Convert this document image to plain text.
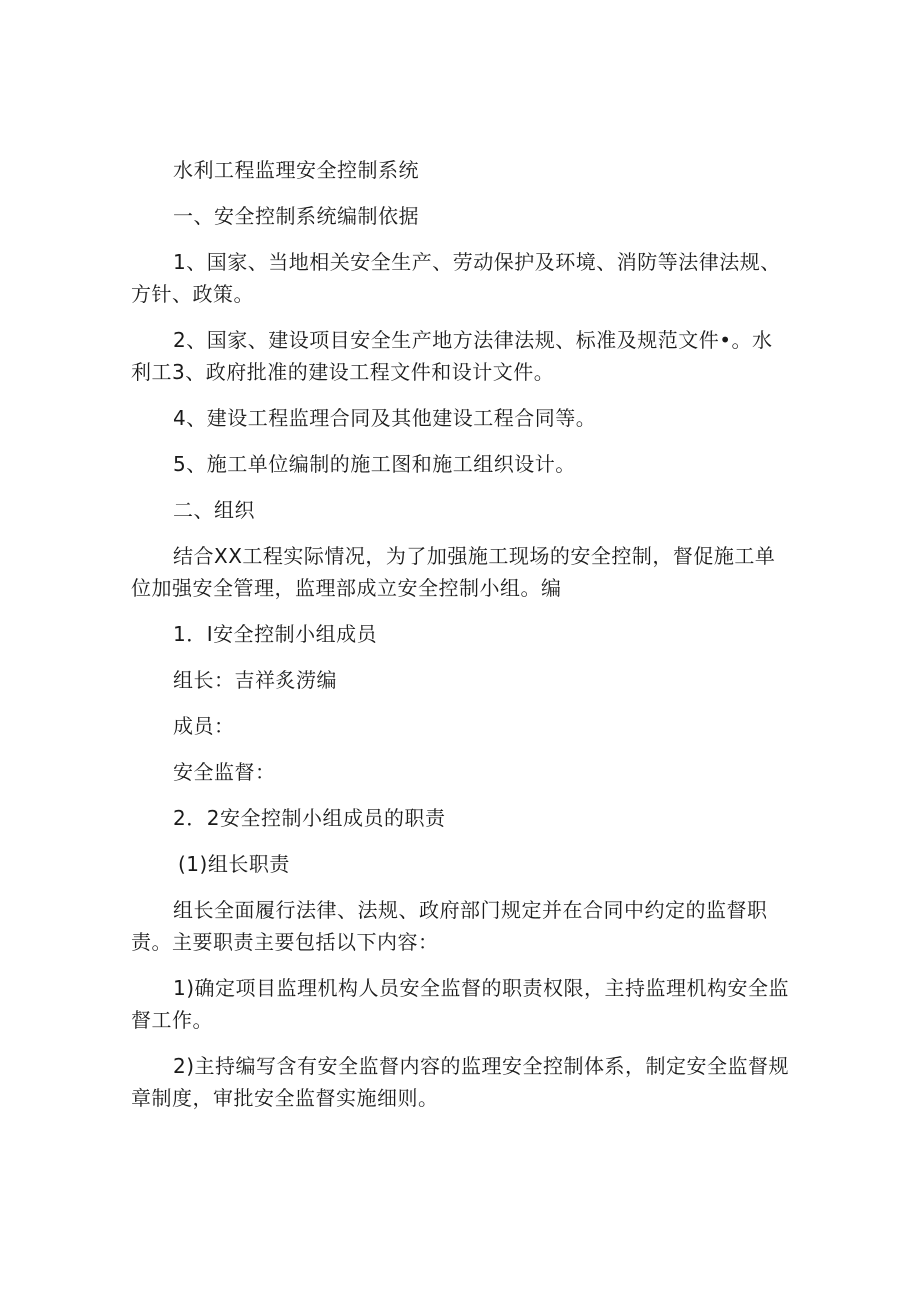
水利工程监理安全控制系统

一、安全控制系统编制依据

1、国家、当地相关安全生产、劳动保护及环境、消防等法律法规、方针、政策。

2、国家、建设项目安全生产地方法律法规、标准及规范文件•。水利工3、政府批准的建设工程文件和设计文件。

4、建设工程监理合同及其他建设工程合同等。

5、施工单位编制的施工图和施工组织设计。

二、组织

结合XX工程实际情况，为了加强施工现场的安全控制，督促施工单位加强安全管理，监理部成立安全控制小组。编

1．I安全控制小组成员

组长：吉祥炙涝编

成员：

安全监督：

2．2安全控制小组成员的职责

(1)组长职责

组长全面履行法律、法规、政府部门规定并在合同中约定的监督职责。主要职责主要包括以下内容：

1)确定项目监理机构人员安全监督的职责权限，主持监理机构安全监督工作。

2)主持编写含有安全监督内容的监理安全控制体系，制定安全监督规章制度，审批安全监督实施细则。
